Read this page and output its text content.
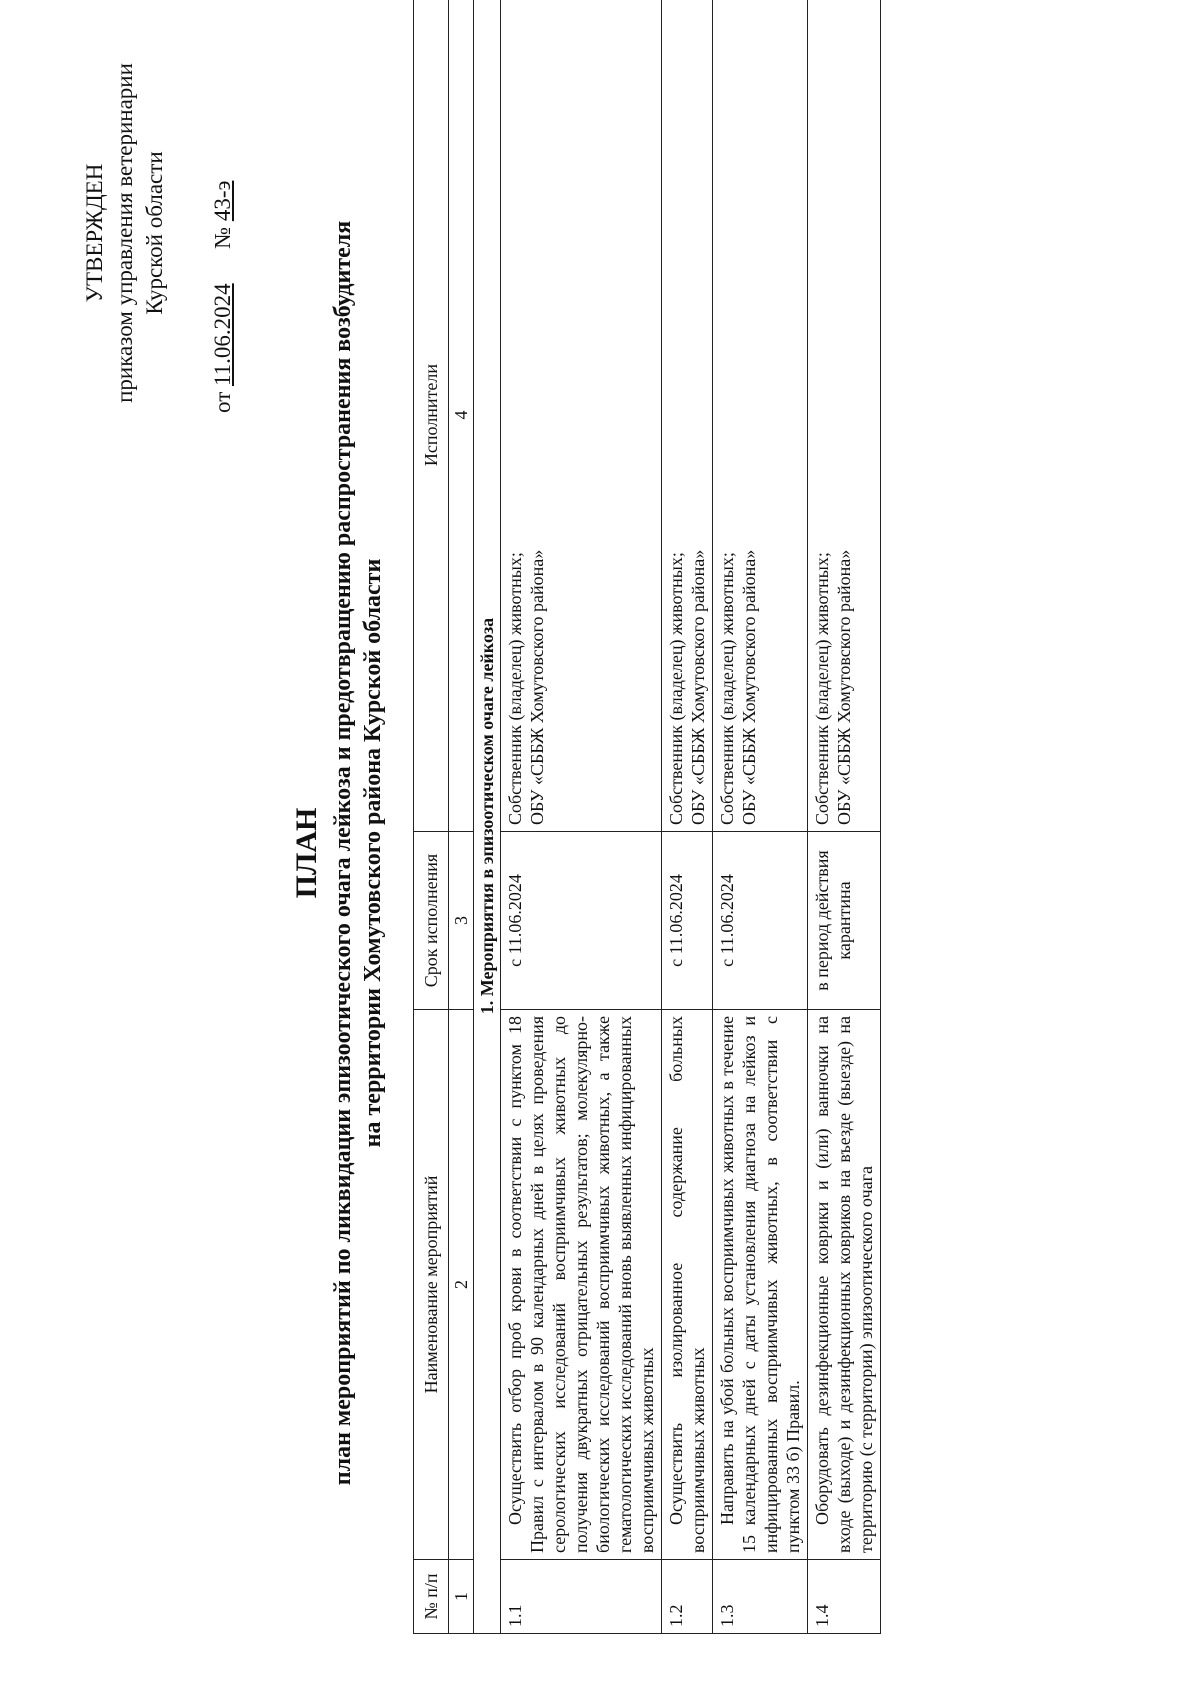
УТВЕРЖДЕН приказом управления ветеринарии Курской области
от 11.06.2024      № 43-э
ПЛАН план мероприятий по ликвидации эпизоотического очага лейкоза и предотвращению распространения возбудителя на территории Хомутовского района Курской области
№ п/п	Наименование мероприятий	Срок исполнения	Исполнители
1	2	3	4
1. Мероприятия в эпизоотическом очаге лейкоза			
1.1	Осуществить отбор проб крови в соответствии с пунктом 18 Правил с интервалом в 90 календарных дней в целях проведения серологических исследований восприимчивых животных до получения двукратных отрицательных результатов; молекулярно-биологических исследований восприимчивых животных, а также гематологических исследований вновь выявленных инфицированных восприимчивых животных	с 11.06.2024	Собственник (владелец) животных; ОБУ «СББЖ Хомутовского района»

1.2	Осуществить изолированное содержание больных восприимчивых животных	с 11.06.2024	Собственник (владелец) животных; ОБУ «СББЖ Хомутовского района»

1.3	Направить на убой больных восприимчивых животных в течение 15 календарных дней с даты установления диагноза на лейкоз и инфицированных восприимчивых животных, в соответствии с пунктом 33 б) Правил.	с 11.06.2024	Собственник (владелец) животных; ОБУ «СББЖ Хомутовского района»

1.4	Оборудовать дезинфекционные коврики и (или) ванночки на входе (выходе) и дезинфекционных ковриков на въезде (выезде) на территорию (с территории) эпизоотического очага	в период действия карантина	Собственник (владелец) животных; ОБУ «СББЖ Хомутовского района»
